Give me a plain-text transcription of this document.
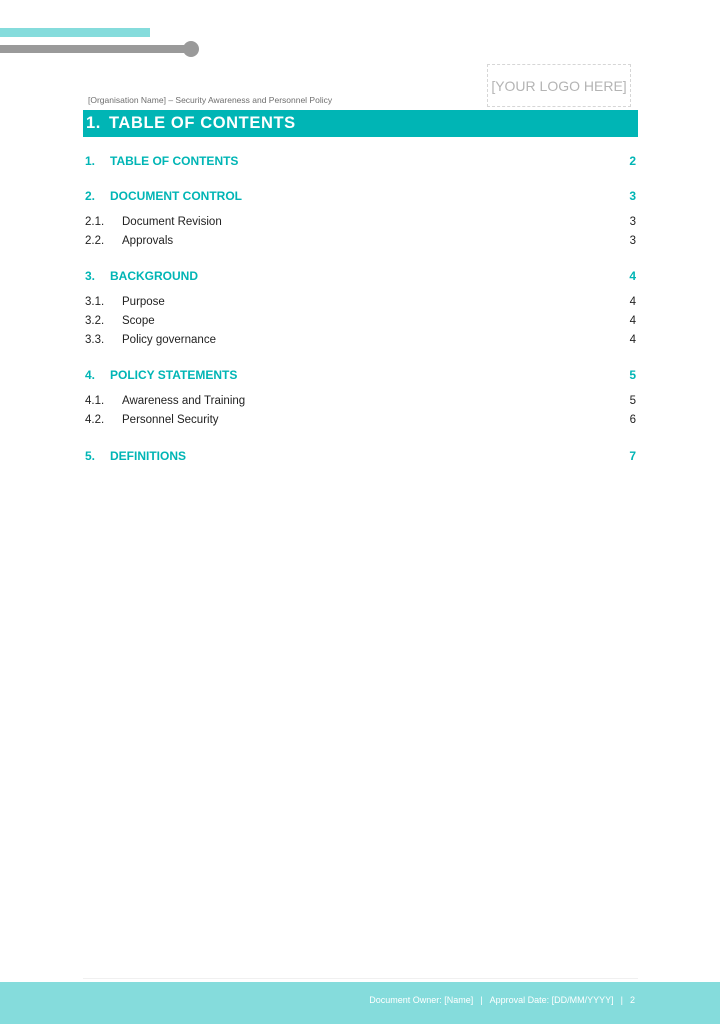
[YOUR LOGO HERE]
[Organisation Name] – Security Awareness and Personnel Policy
1. TABLE OF CONTENTS
1.	TABLE OF CONTENTS	2
2.	DOCUMENT CONTROL	3
2.1.	Document Revision	3
2.2.	Approvals	3
3.	BACKGROUND	4
3.1.	Purpose	4
3.2.	Scope	4
3.3.	Policy governance	4
4.	POLICY STATEMENTS	5
4.1.	Awareness and Training	5
4.2.	Personnel Security	6
5.	DEFINITIONS	7
Document Owner: [Name] | Approval Date: [DD/MM/YYYY] | 2
